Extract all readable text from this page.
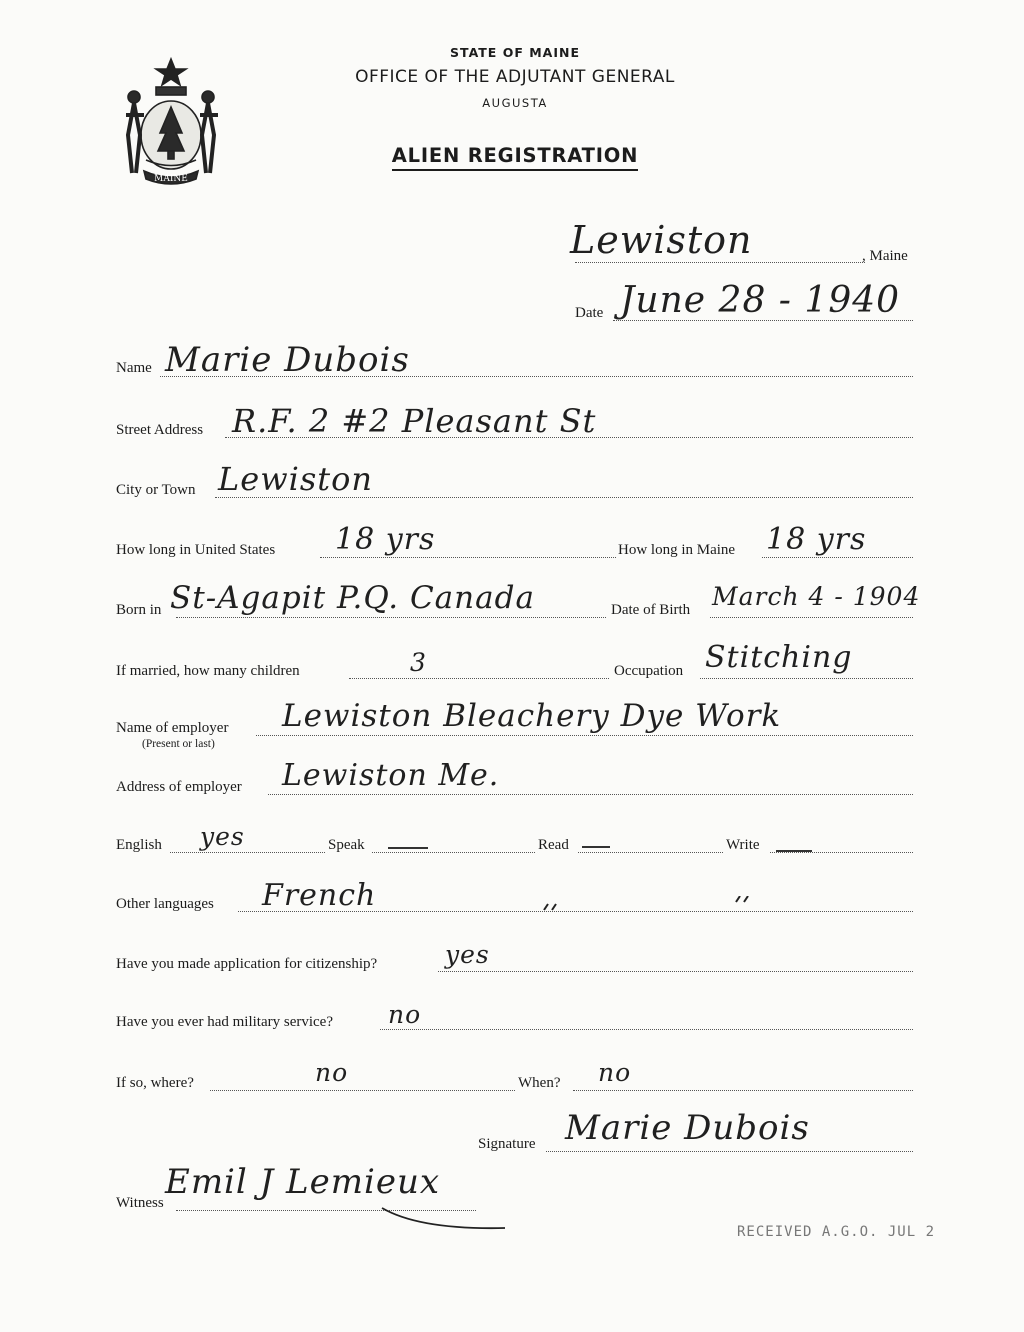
MAINE
STATE OF MAINE
OFFICE OF THE ADJUTANT GENERAL
AUGUSTA
ALIEN REGISTRATION
Lewiston	, Maine
Date June 28 - 1940
Name Marie Dubois
Street Address R.F. 2 #2 Pleasant St
City or Town Lewiston
How long in United States 18 yrs	How long in Maine 18 yrs
Born in St-Agapit P.Q. Canada	Date of Birth March 4 - 1904
If married, how many children	3	Occupation Stitching
Name of employer
(Present or last)
Lewiston Bleachery Dye Work
Address of employer Lewiston Me.
English yes	Speak	Read	Write
Other languages French
Have you made application for citizenship?	yes
Have you ever had military service? no
If so, where?	no	When? no
Signature Marie Dubois
Witness
Emil J Lemieux
RECEIVED A.G.O. JUL 2
